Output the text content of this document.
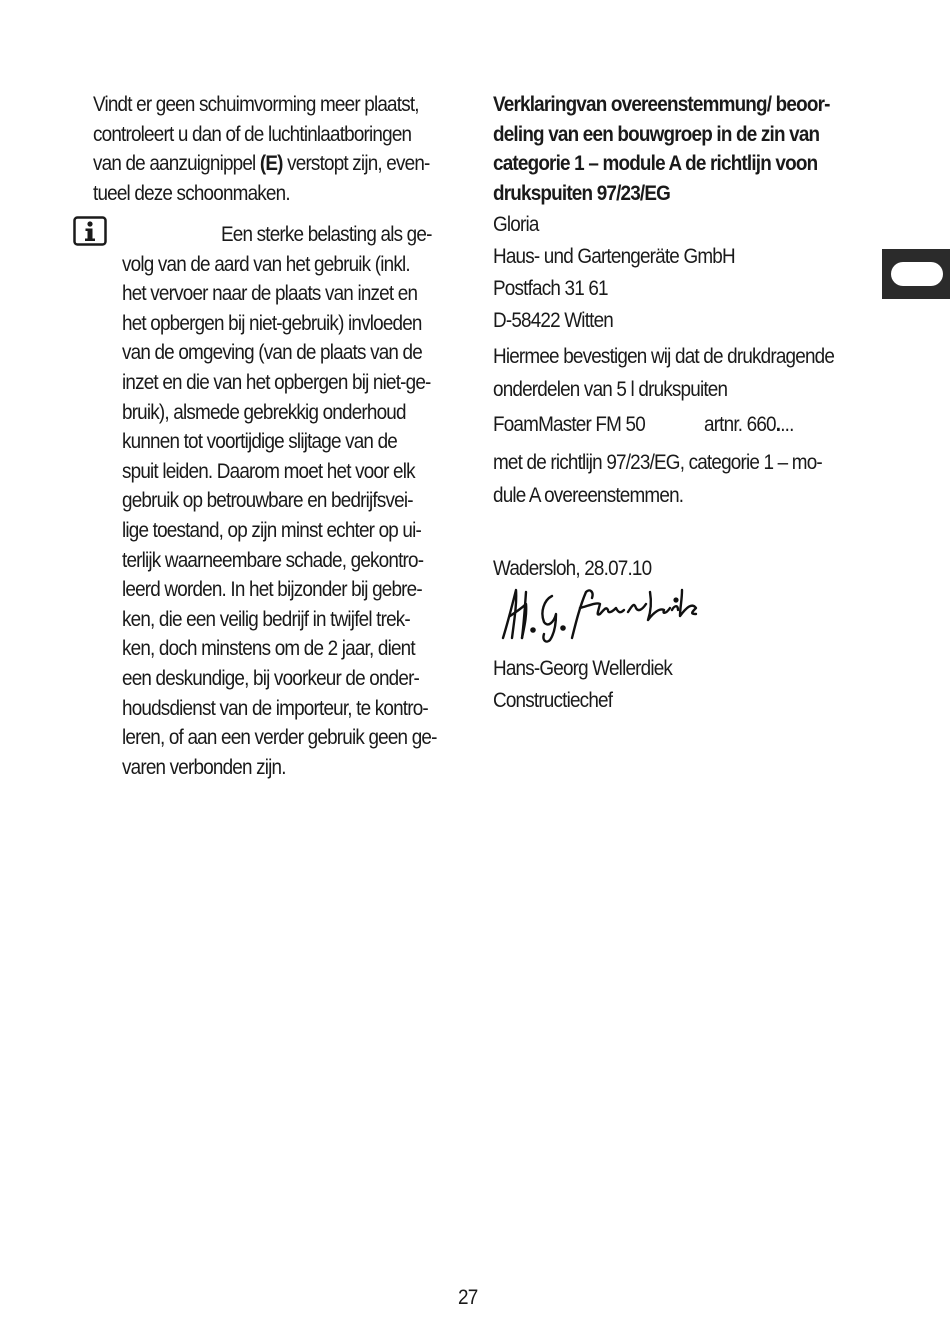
Vindt er geen schuimvorming meer plaatst,
controleert u dan of de luchtinlaatboringen
van de aanzuignippel (E) verstopt zijn, even-
tueel deze schoonmaken.
Een sterke belasting als ge-
volg van de aard van het gebruik (inkl.
het vervoer naar de plaats van inzet en
het opbergen bij niet-gebruik) invloeden
van de omgeving (van de plaats van de
inzet en die van het opbergen bij niet-ge-
bruik), alsmede gebrekkig onderhoud
kunnen tot voortijdige slijtage van de
spuit leiden. Daarom moet het voor elk
gebruik op betrouwbare en bedrijfsvei-
lige toestand, op zijn minst echter op ui-
terlijk waarneembare schade, gekontro-
leerd worden. In het bijzonder bij gebre-
ken, die een veilig bedrijf in twijfel trek-
ken, doch minstens om de 2 jaar, dient
een deskundige, bij voorkeur de onder-
houdsdienst van de importeur, te kontro-
leren, of aan een verder gebruik geen ge-
varen verbonden zijn.
Verklaringvan overeenstemmung/ beoor-
deling van een bouwgroep in de zin van
categorie 1 – module A de richtlijn voon
drukspuiten 97/23/EG
Gloria
Haus- und Gartengeräte GmbH
Postfach 31 61
D-58422 Witten
Hiermee bevestigen wij dat de drukdragende
onderdelen van 5 l drukspuiten
FoamMaster FM 50	artnr. 660....
met de richtlijn 97/23/EG, categorie 1 – mo-
dule A overeenstemmen.
Wadersloh, 28.07.10
Hans-Georg Wellerdiek
Constructiechef
27
